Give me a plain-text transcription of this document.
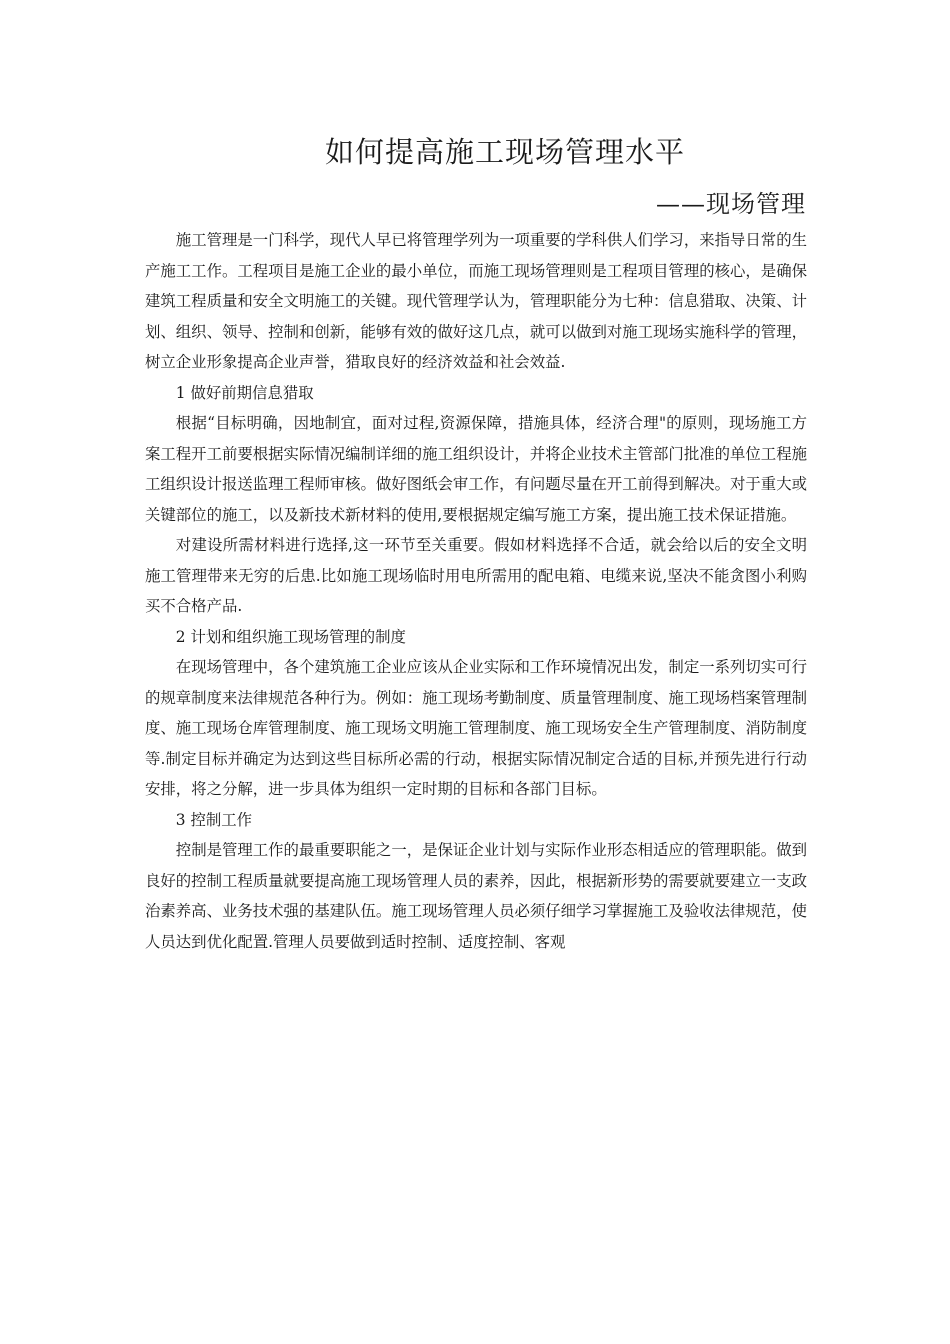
如何提高施工现场管理水平
——现场管理

施工管理是一门科学，现代人早已将管理学列为一项重要的学科供人们学习，来指导日常的生产施工工作。工程项目是施工企业的最小单位，而施工现场管理则是工程项目管理的核心，是确保建筑工程质量和安全文明施工的关键。现代管理学认为，管理职能分为七种：信息猎取、决策、计划、组织、领导、控制和创新，能够有效的做好这几点，就可以做到对施工现场实施科学的管理，树立企业形象提高企业声誉，猎取良好的经济效益和社会效益.

1 做好前期信息猎取

根据“目标明确，因地制宜，面对过程,资源保障，措施具体，经济合理"的原则，现场施工方案工程开工前要根据实际情况编制详细的施工组织设计，并将企业技术主管部门批准的单位工程施工组织设计报送监理工程师审核。做好图纸会审工作，有问题尽量在开工前得到解决。对于重大或关键部位的施工，以及新技术新材料的使用,要根据规定编写施工方案，提出施工技术保证措施。

对建设所需材料进行选择,这一环节至关重要。假如材料选择不合适，就会给以后的安全文明施工管理带来无穷的后患.比如施工现场临时用电所需用的配电箱、电缆来说,坚决不能贪图小利购买不合格产品.

2 计划和组织施工现场管理的制度

在现场管理中，各个建筑施工企业应该从企业实际和工作环境情况出发，制定一系列切实可行的规章制度来法律规范各种行为。例如：施工现场考勤制度、质量管理制度、施工现场档案管理制度、施工现场仓库管理制度、施工现场文明施工管理制度、施工现场安全生产管理制度、消防制度等.制定目标并确定为达到这些目标所必需的行动，根据实际情况制定合适的目标,并预先进行行动安排，将之分解，进一步具体为组织一定时期的目标和各部门目标。

3 控制工作

控制是管理工作的最重要职能之一，是保证企业计划与实际作业形态相适应的管理职能。做到良好的控制工程质量就要提高施工现场管理人员的素养，因此，根据新形势的需要就要建立一支政治素养高、业务技术强的基建队伍。施工现场管理人员必须仔细学习掌握施工及验收法律规范，使人员达到优化配置.管理人员要做到适时控制、适度控制、客观
